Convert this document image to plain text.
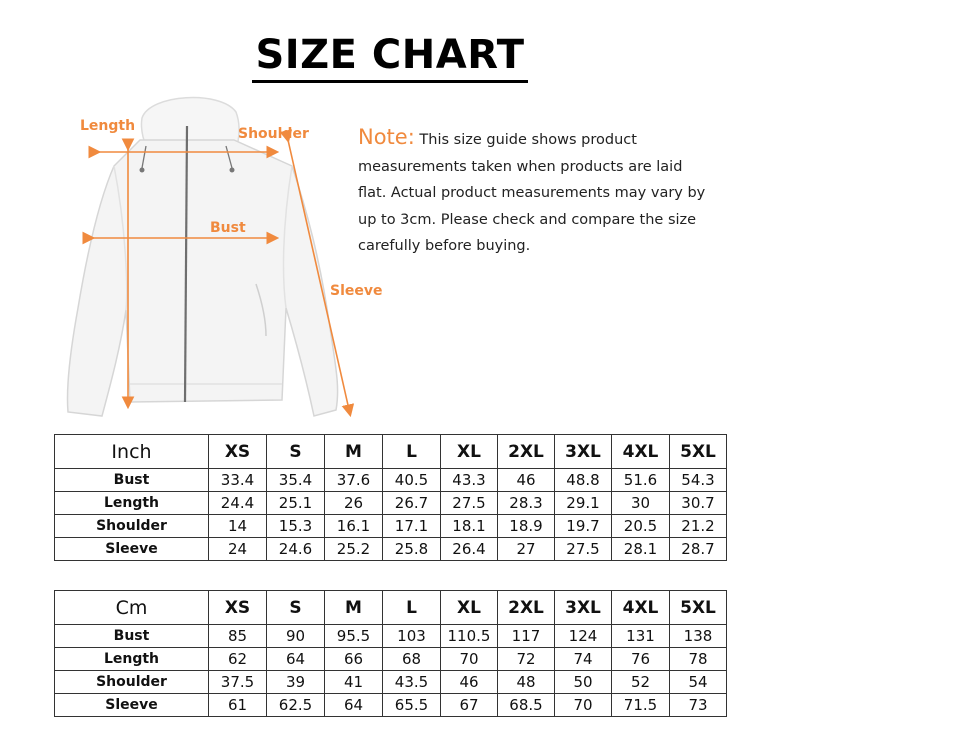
SIZE CHART
Length	Shoulder
Bust
Sleeve
Note: This size guide shows product measurements taken when products are laid flat. Actual product measurements may vary by up to 3cm. Please check and compare the size carefully before buying.
Inch	XS	S	M	L	XL	2XL	3XL	4XL	5XL
Bust	33.4	35.4	37.6	40.5	43.3	46	48.8	51.6	54.3
Length	24.4	25.1	26	26.7	27.5	28.3	29.1	30	30.7
Shoulder	14	15.3	16.1	17.1	18.1	18.9	19.7	20.5	21.2
Sleeve	24	24.6	25.2	25.8	26.4	27	27.5	28.1	28.7
Cm	XS	S	M	L	XL	2XL	3XL	4XL	5XL
Bust	85	90	95.5	103	110.5	117	124	131	138
Length	62	64	66	68	70	72	74	76	78
Shoulder	37.5	39	41	43.5	46	48	50	52	54
Sleeve	61	62.5	64	65.5	67	68.5	70	71.5	73
